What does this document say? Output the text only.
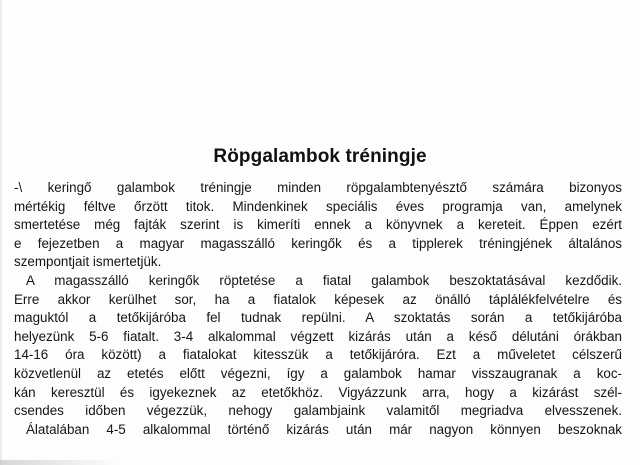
Röpgalambok tréningje
-\ keringő galambok tréningje minden röpgalambtenyésztő számára bizonyos
mértékig féltve őrzött titok. Mindenkinek speciális éves programja van, amelynek
smertetése még fajták szerint is kimeríti ennek a könyvnek a kereteit. Éppen ezért
e fejezetben a magyar magasszálló keringők és a tipplerek tréningjének általános
szempontjait ismertetjük.
A magasszálló keringők röptetése a fiatal galambok beszoktatásával kezdődik.
Erre akkor kerülhet sor, ha a fiatalok képesek az önálló táplálékfelvételre és
maguktól a tetőkijáróba fel tudnak repülni. A szoktatás során a tetőkijáróba
helyezünk 5-6 fiatalt. 3-4 alkalommal végzett kizárás után a késő délutáni órákban
14-16 óra között) a fiatalokat kitesszük a tetőkijáróra. Ezt a műveletet célszerű
közvetlenül az etetés előtt végezni, így a galambok hamar visszaugranak a koc-
kán keresztül és igyekeznek az etetőkhöz. Vigyázzunk arra, hogy a kizárást szél-
csendes időben végezzük, nehogy galambjaink valamitől megriadva elvesszenek.
Álatalában 4-5 alkalommal történő kizárás után már nagyon könnyen beszoknak
